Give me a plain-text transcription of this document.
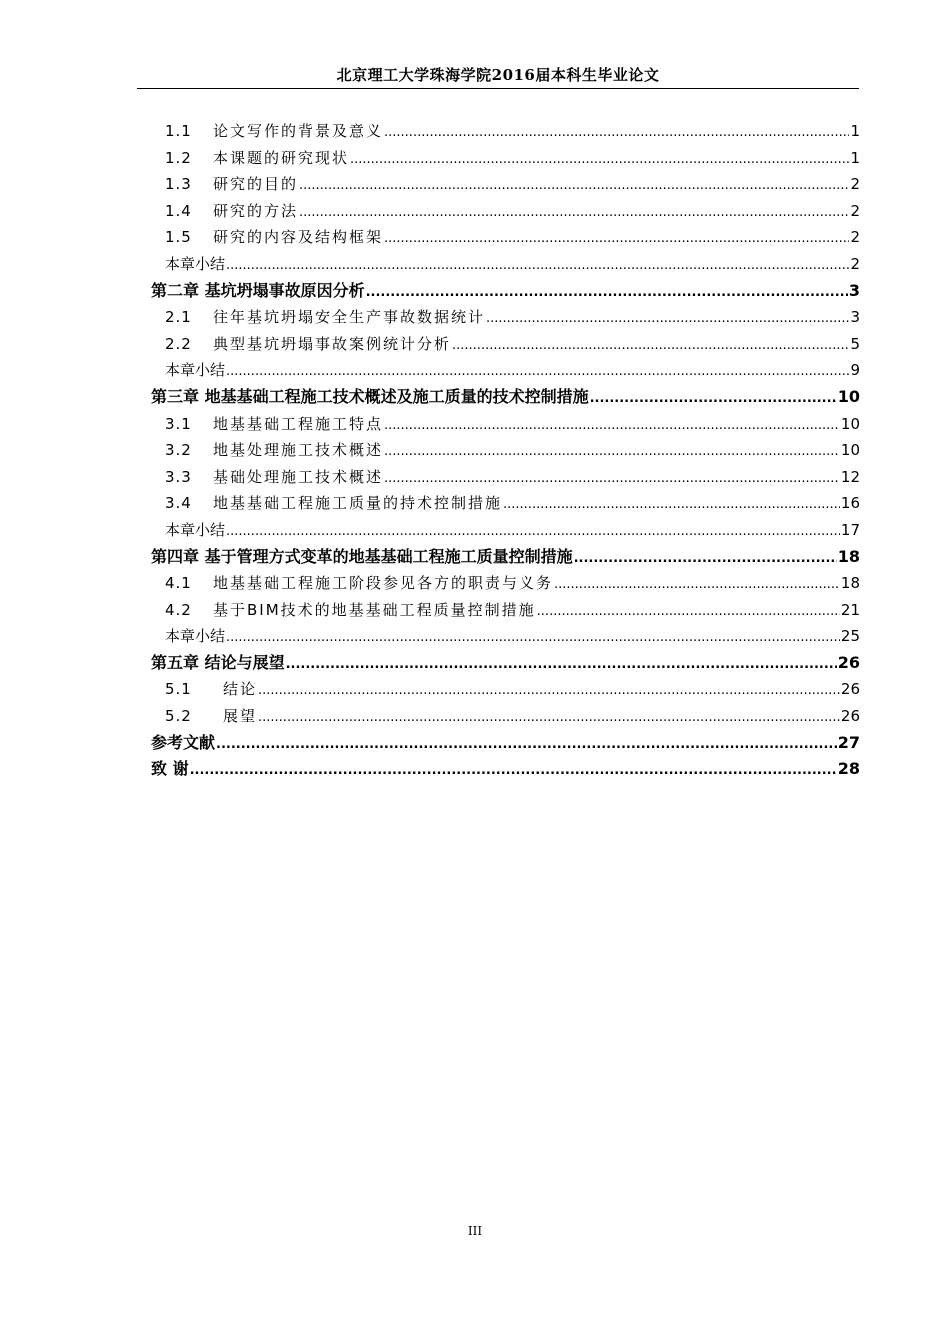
北京理工大学珠海学院2016届本科生毕业论文
1.1	论文写作的背景及意义 .....	1
1.2	本课题的研究现状 .....	1
1.3	研究的目的 .....	2
1.4	研究的方法 .....	2
1.5	研究的内容及结构框架 .....	2
本章小结 .....	2
第二章 基坑坍塌事故原因分析 .....	3
2.1	往年基坑坍塌安全生产事故数据统计 .....	3
2.2	典型基坑坍塌事故案例统计分析 .....	5
本章小结 .....	9
第三章 地基基础工程施工技术概述及施工质量的技术控制措施 .....	10
3.1	地基基础工程施工特点 .....	10
3.2	地基处理施工技术概述 .....	10
3.3	基础处理施工技术概述 .....	12
3.4	地基基础工程施工质量的持术控制措施 .....	16
本章小结 .....	17
第四章 基于管理方式变革的地基基础工程施工质量控制措施 .....	18
4.1	地基基础工程施工阶段参见各方的职责与义务 .....	18
4.2	基于BIM技术的地基基础工程质量控制措施 .....	21
本章小结 .....	25
第五章 结论与展望 .....	26
5.1	结论 .....	26
5.2	展望 .....	26
参考文献 .....	27
致 谢 .....	28
III
